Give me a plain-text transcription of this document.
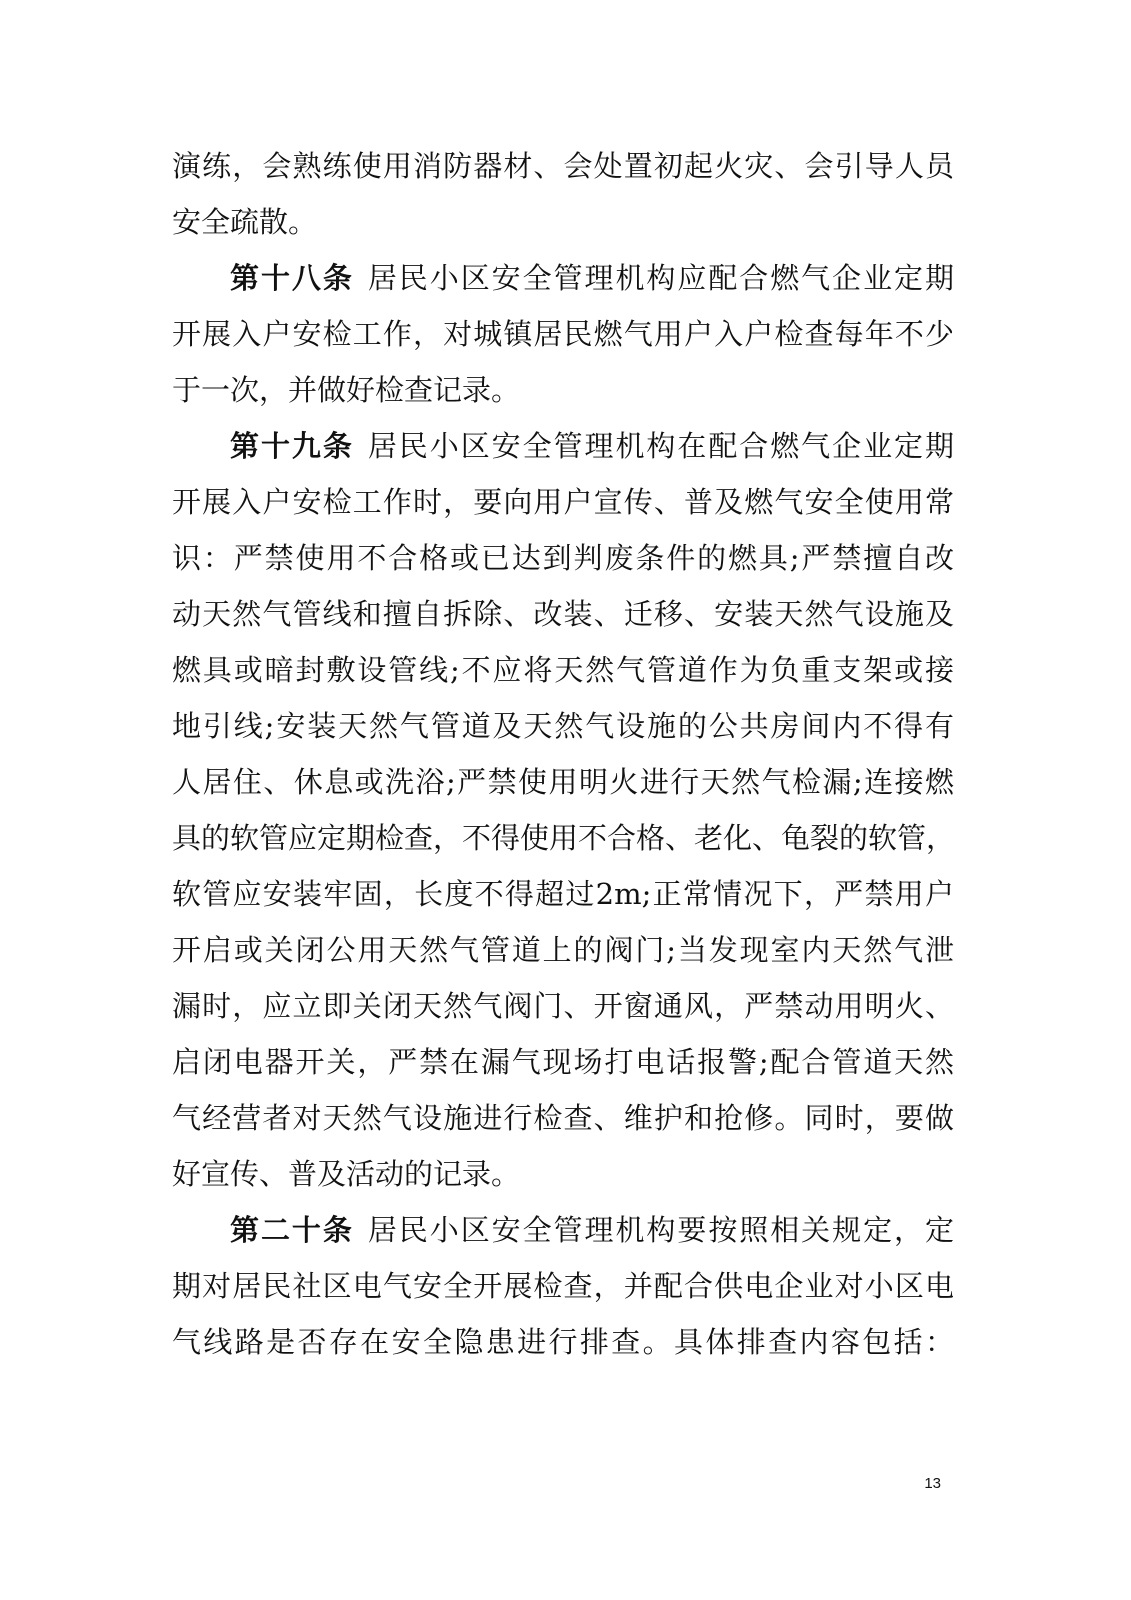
演练，会熟练使用消防器材、会处置初起火灾、会引导人员
安全疏散。
第十八条 居民小区安全管理机构应配合燃气企业定期
开展入户安检工作，对城镇居民燃气用户入户检查每年不少
于一次，并做好检查记录。
第十九条 居民小区安全管理机构在配合燃气企业定期
开展入户安检工作时，要向用户宣传、普及燃气安全使用常
识：严禁使用不合格或已达到判废条件的燃具;严禁擅自改
动天然气管线和擅自拆除、改装、迁移、安装天然气设施及
燃具或暗封敷设管线;不应将天然气管道作为负重支架或接
地引线;安装天然气管道及天然气设施的公共房间内不得有
人居住、休息或洗浴;严禁使用明火进行天然气检漏;连接燃
具的软管应定期检查，不得使用不合格、老化、龟裂的软管，
软管应安装牢固，长度不得超过2m;正常情况下，严禁用户
开启或关闭公用天然气管道上的阀门;当发现室内天然气泄
漏时，应立即关闭天然气阀门、开窗通风，严禁动用明火、
启闭电器开关，严禁在漏气现场打电话报警;配合管道天然
气经营者对天然气设施进行检查、维护和抢修。同时，要做
好宣传、普及活动的记录。
第二十条 居民小区安全管理机构要按照相关规定，定
期对居民社区电气安全开展检查，并配合供电企业对小区电
气线路是否存在安全隐患进行排查。具体排查内容包括：
13
